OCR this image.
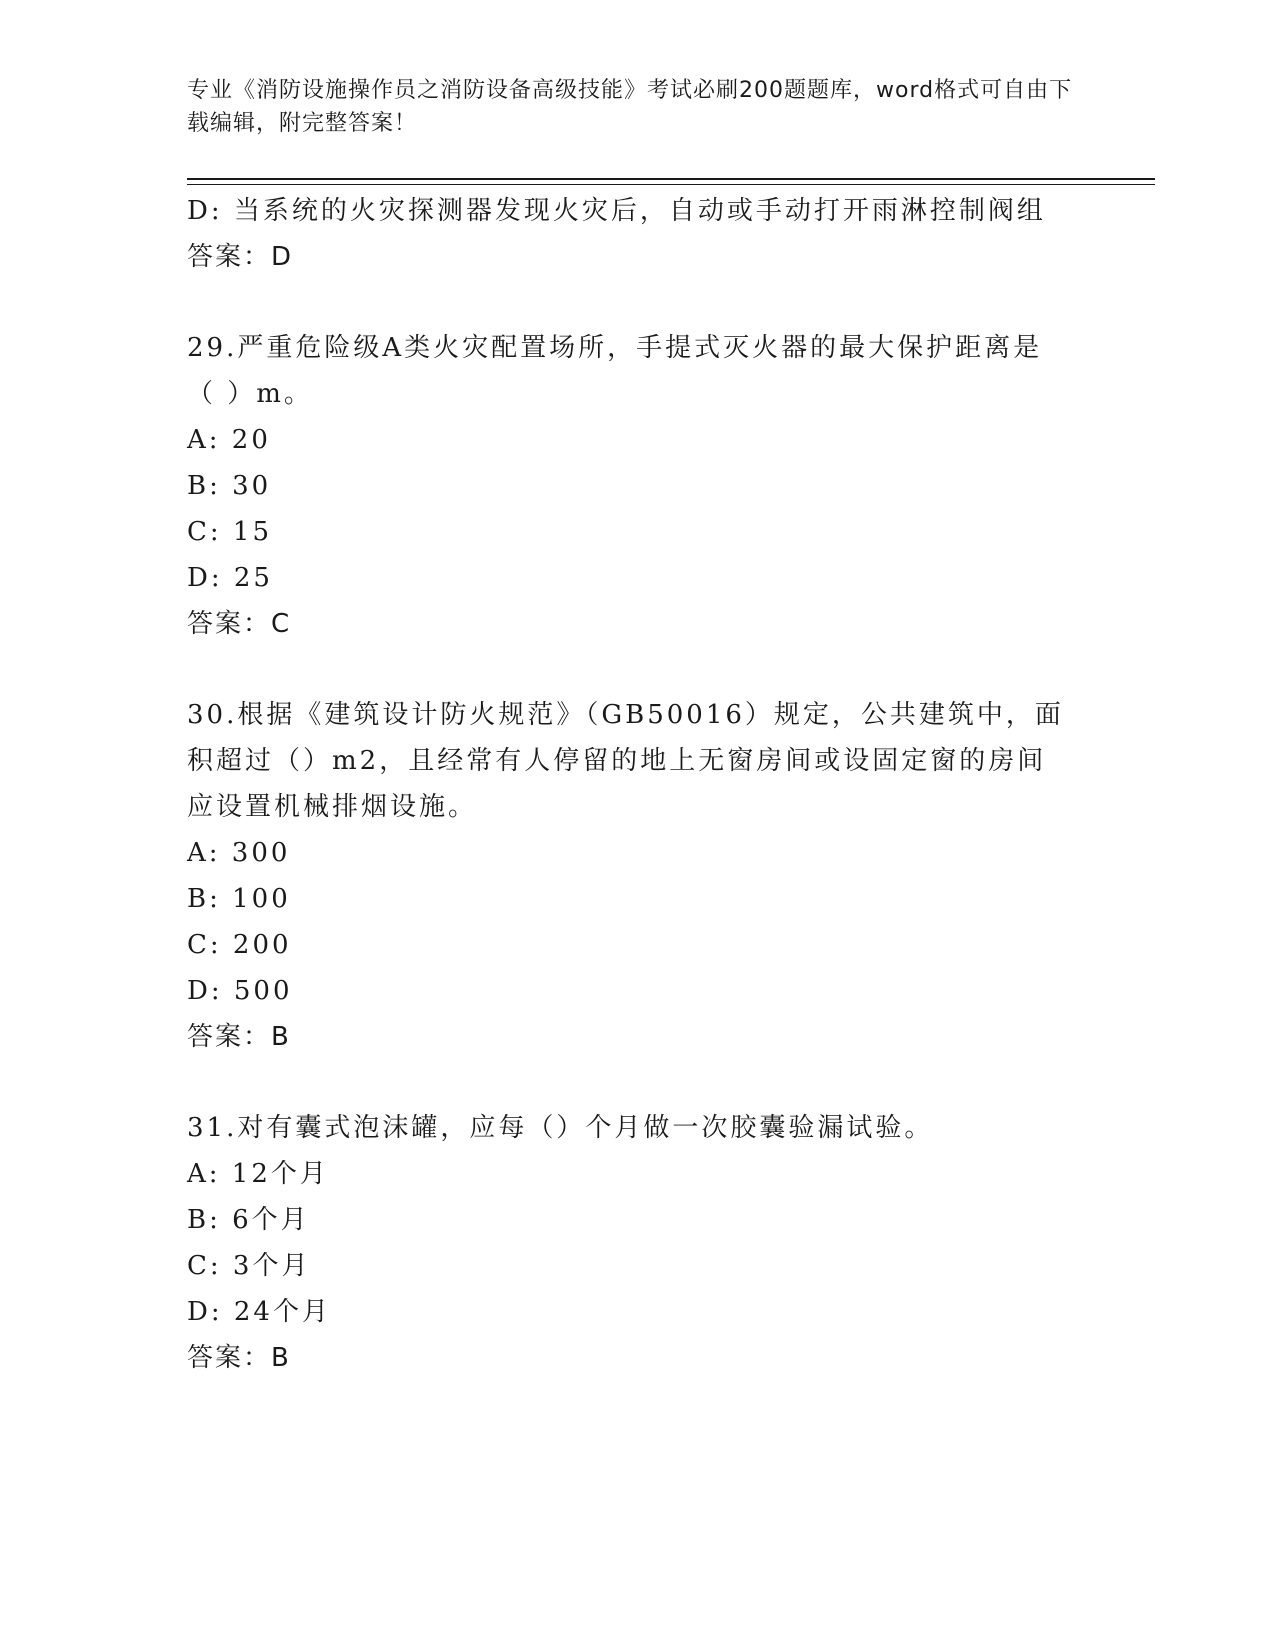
专业《消防设施操作员之消防设备高级技能》考试必刷200题题库，word格式可自由下载编辑，附完整答案！
D: 当系统的火灾探测器发现火灾后，自动或手动打开雨淋控制阀组
答案：D
29.严重危险级A类火灾配置场所，手提式灭火器的最大保护距离是（ ）m。
A: 20
B: 30
C: 15
D: 25
答案：C
30.根据《建筑设计防火规范》（GB50016）规定，公共建筑中，面积超过（）m2，且经常有人停留的地上无窗房间或设固定窗的房间应设置机械排烟设施。
A: 300
B: 100
C: 200
D: 500
答案：B
31.对有囊式泡沫罐，应每（）个月做一次胶囊验漏试验。
A: 12个月
B: 6个月
C: 3个月
D: 24个月
答案：B
